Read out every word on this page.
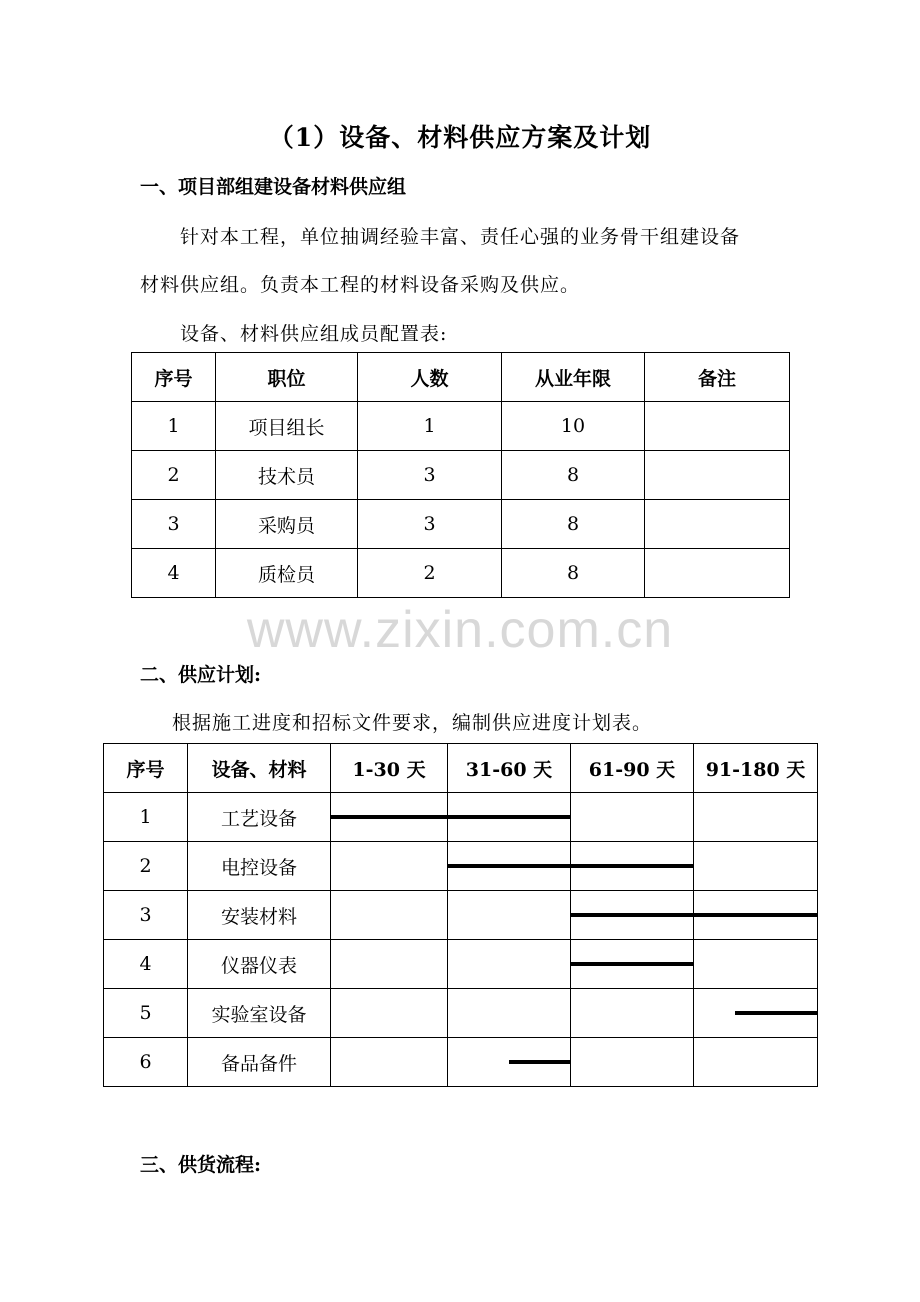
（1）设备、材料供应方案及计划
一、项目部组建设备材料供应组
针对本工程，单位抽调经验丰富、责任心强的业务骨干组建设备
材料供应组。负责本工程的材料设备采购及供应。
设备、材料供应组成员配置表:
序号	职位	人数	从业年限	备注
1	项目组长	1	10	
2	技术员	3	8	
3	采购员	3	8	
4	质检员	2	8	
www.zixin.com.cn
二、供应计划:
根据施工进度和招标文件要求，编制供应进度计划表。
序号	设备、材料	1-30 天	31-60 天	61-90 天	91-180 天
1	工艺设备				
2	电控设备				
3	安装材料				
4	仪器仪表				
5	实验室设备				
6	备品备件				
三、供货流程:
